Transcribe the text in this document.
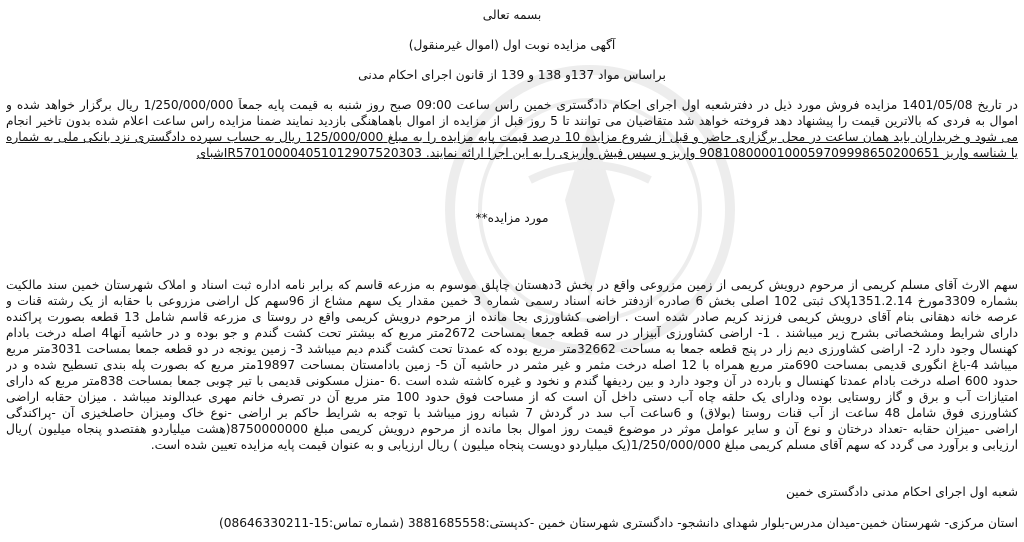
بسمه تعالی
آگهی مزایده نوبت اول (اموال غیرمنقول)
براساس مواد 137و 138 و 139 از قانون اجرای احکام مدنی
در تاریخ 1401/05/08 مزایده فروش مورد ذیل در دفترشعبه اول اجرای احکام دادگستری خمین راس ساعت 09:00 صبح روز شنبه به قیمت پایه جمعاً 1/250/000/000 ریال برگزار خواهد شده و
اموال به فردی که بالاترین قیمت را پیشنهاد دهد فروخته خواهد شد متقاضیان می توانند تا 5 روز قبل از مزایده از اموال باهماهنگی بازدید نمایند ضمنا مزایده راس ساعت اعلام شده بدون تاخیر انجام
می شود و خریداران باید همان ساعت در محل برگزاری حاضر و قبل از شروع مزایده 10 درصد قیمت پایه مزایده را به مبلغ 125/000/000 ریال به حساب سپرده دادگستری نزد بانکی ملی به شماره
یا شناسه واریز 9081080000100059709998650200651 واریز و سپس فیش واریزی را به این اجرا ارائه نمایند. IR570100004051012907520303شبای
مورد مزایده**
سهم الارث آقای مسلم کریمی از مرحوم درویش کریمی از زمین مزروعی واقع در بخش 3دهستان چاپلق موسوم به مزرعه قاسم که برابر نامه اداره ثبت اسناد و املاک شهرستان خمین سند مالکیت
بشماره 3309مورخ 1351.2.14پلاک ثبتی 102 اصلی بخش 6 صادره ازدفتر خانه اسناد رسمی شماره 3 خمین مقدار یک سهم مشاع از 96سهم کل اراضی مزروعی با حقابه از یک رشته قنات و
عرصه خانه دهقانی بنام آقای درویش کریمی فرزند کریم صادر شده است . اراضی کشاورزی بجا مانده از مرحوم درویش کریمی واقع در روستا ی مزرعه قاسم شامل 13 قطعه بصورت پراکنده
دارای شرایط ومشخصاتی بشرح زیر میباشند . 1- اراضی کشاورزی آبیزار در سه قطعه جمعا بمساحت 2672متر مربع که بیشتر تحت کشت گندم و جو بوده و در حاشیه آنها4 اصله درخت بادام
کهنسال وجود دارد 2- اراضی کشاورزی دیم زار در پنج قطعه جمعا به مساحت 32662متر مربع بوده که عمدتا تحت کشت گندم دیم میباشد 3- زمین یونجه در دو قطعه جمعا بمساحت 3031متر مربع
میباشد 4-باغ انگوری قدیمی بمساحت 690متر مربع همراه با 12 اصله درخت مثمر و غیر مثمر در حاشیه آن 5- زمین بادامستان بمساحت 19897متر مربع که بصورت پله بندی تسطیح شده و در
حدود 600 اصله درخت بادام عمدتا کهنسال و بارده در آن وجود دارد و بین ردیفها گندم و نخود و غیره کاشته شده است .6 -منزل مسکونی قدیمی با تیر چوبی جمعا بمساحت 838متر مربع که دارای
امتیازات آب و برق و گاز روستایی بوده ودارای یک حلقه چاه آب دستی داخل آن است که از مساحت فوق حدود 100 متر مربع آن در تصرف خانم مهری عبدالوند میباشد . میزان حقابه اراضی
کشاورزی فوق شامل 48 ساعت از آب قنات روستا (بولاق) و 6ساعت آب سد در گردش 7 شبانه روز میباشد با توجه به شرایط حاکم بر اراضی -نوع خاک ومیزان حاصلخیزی آن -پراکندگی
اراضی -میزان حقابه -تعداد درختان و نوع آن و سایر عوامل موثر در موضوع قیمت روز اموال بجا مانده از مرحوم درویش کریمی مبلغ 8750000000(هشت میلیاردو هفتصدو پنجاه میلیون )ریال
ارزیابی و برآورد می گردد که سهم آقای مسلم کریمی مبلغ 1/250/000/000(یک میلیاردو دویست پنجاه میلیون ) ریال ارزیابی و به عنوان قیمت پایه مزایده تعیین شده است.
شعبه اول اجرای احکام مدنی دادگستری خمین
استان مرکزی- شهرستان خمین-میدان مدرس-بلوار شهدای دانشجو- دادگستری شهرستان خمین -کدپستی:3881685558 (شماره تماس:15-08646330211)
